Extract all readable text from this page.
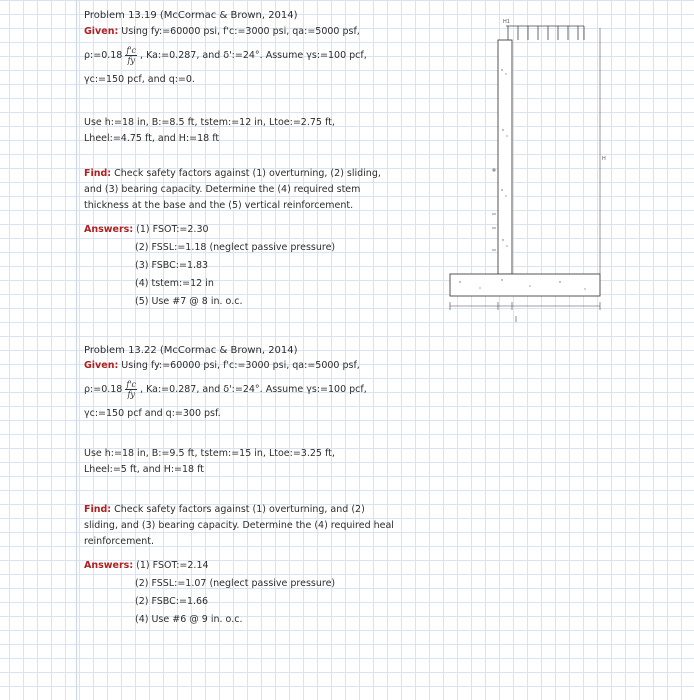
Problem 13.19 (McCormac & Brown, 2014)
Given: Using fy:=60000 psi, f'c:=3000 psi, qa:=5000 psf,
ρ:=0.18 $\frac{f'c}{fy}$ , Ka:=0.287, and δ':=24°. Assume γs:=100 pcf,
γc:=150 pcf, and q:=0.
Use h:=18 in, B:=8.5 ft, tstem:=12 in, Ltoe:=2.75 ft,
Lheel:=4.75 ft, and H:=18 ft
Find: Check safety factors against (1) overturning, (2) sliding,
and (3) bearing capacity. Determine the (4) required stem
thickness at the base and the (5) vertical reinforcement.
Answers: (1) FSOT:=2.30
(2) FSSL:=1.18 (neglect passive pressure)
(3) FSBC:=1.83
(4) tstem:=12 in
(5) Use #7 @ 8 in. o.c.
Problem 13.22 (McCormac & Brown, 2014)
Given: Using fy:=60000 psi, f'c:=3000 psi, qa:=5000 psf,
ρ:=0.18 $\frac{f'c}{fy}$ , Ka:=0.287, and δ':=24°. Assume γs:=100 pcf,
γc:=150 pcf and q:=300 psf.
Use h:=18 in, B:=9.5 ft, tstem:=15 in, Ltoe:=3.25 ft,
Lheel:=5 ft, and H:=18 ft
Find: Check safety factors against (1) overturning, and (2)
sliding, and (3) bearing capacity. Determine the (4) required heal
reinforcement.
Answers: (1) FSOT:=2.14
(2) FSSL:=1.07 (neglect passive pressure)
(2) FSBC:=1.66
(4) Use #6 @ 9 in. o.c.
H1
H
